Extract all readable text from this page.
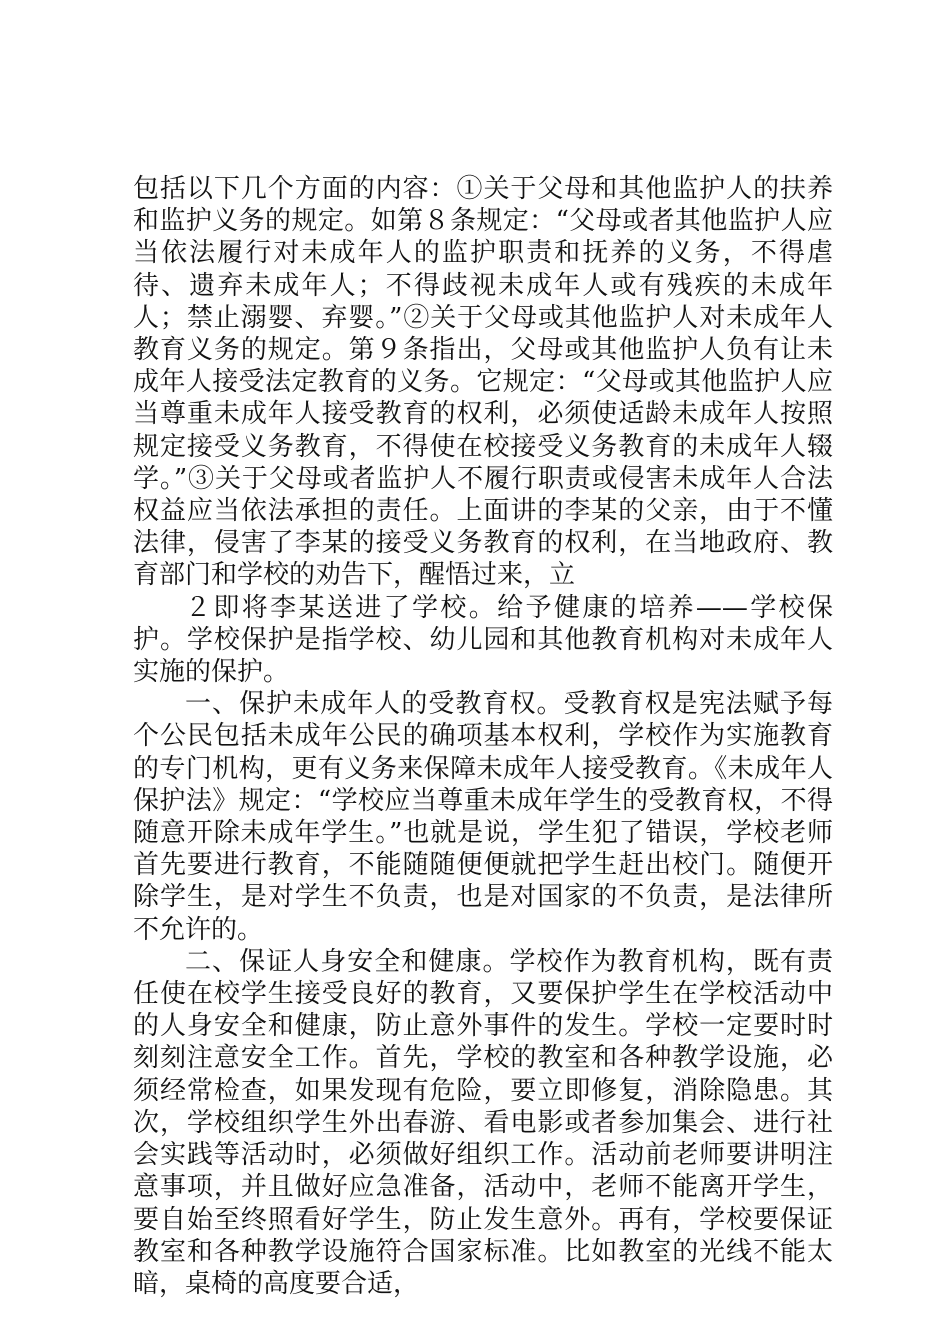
包括以下几个方面的内容：①关于父母和其他监护人的扶养和监护义务的规定。如第８条规定：“父母或者其他监护人应当依法履行对未成年人的监护职责和抚养的义务，不得虐待、遗弃未成年人；不得歧视未成年人或有残疾的未成年人；禁止溺婴、弃婴。”②关于父母或其他监护人对未成年人教育义务的规定。第９条指出，父母或其他监护人负有让未成年人接受法定教育的义务。它规定：“父母或其他监护人应当尊重未成年人接受教育的权利，必须使适龄未成年人按照规定接受义务教育，不得使在校接受义务教育的未成年人辍学。”③关于父母或者监护人不履行职责或侵害未成年人合法权益应当依法承担的责任。上面讲的李某的父亲，由于不懂法律，侵害了李某的接受义务教育的权利，在当地政府、教育部门和学校的劝告下，醒悟过来，立

２即将李某送进了学校。给予健康的培养——学校保护。学校保护是指学校、幼儿园和其他教育机构对未成年人实施的保护。

一、保护未成年人的受教育权。受教育权是宪法赋予每个公民包括未成年公民的确项基本权利，学校作为实施教育的专门机构，更有义务来保障未成年人接受教育。《未成年人保护法》规定：“学校应当尊重未成年学生的受教育权，不得随意开除未成年学生。”也就是说，学生犯了错误，学校老师首先要进行教育，不能随随便便就把学生赶出校门。随便开除学生，是对学生不负责，也是对国家的不负责，是法律所不允许的。

二、保证人身安全和健康。学校作为教育机构，既有责任使在校学生接受良好的教育，又要保护学生在学校活动中的人身安全和健康，防止意外事件的发生。学校一定要时时刻刻注意安全工作。首先，学校的教室和各种教学设施，必须经常检查，如果发现有危险，要立即修复，消除隐患。其次，学校组织学生外出春游、看电影或者参加集会、进行社会实践等活动时，必须做好组织工作。活动前老师要讲明注意事项，并且做好应急准备，活动中，老师不能离开学生，要自始至终照看好学生，防止发生意外。再有，学校要保证教室和各种教学设施符合国家标准。比如教室的光线不能太暗，桌椅的高度要合适，
